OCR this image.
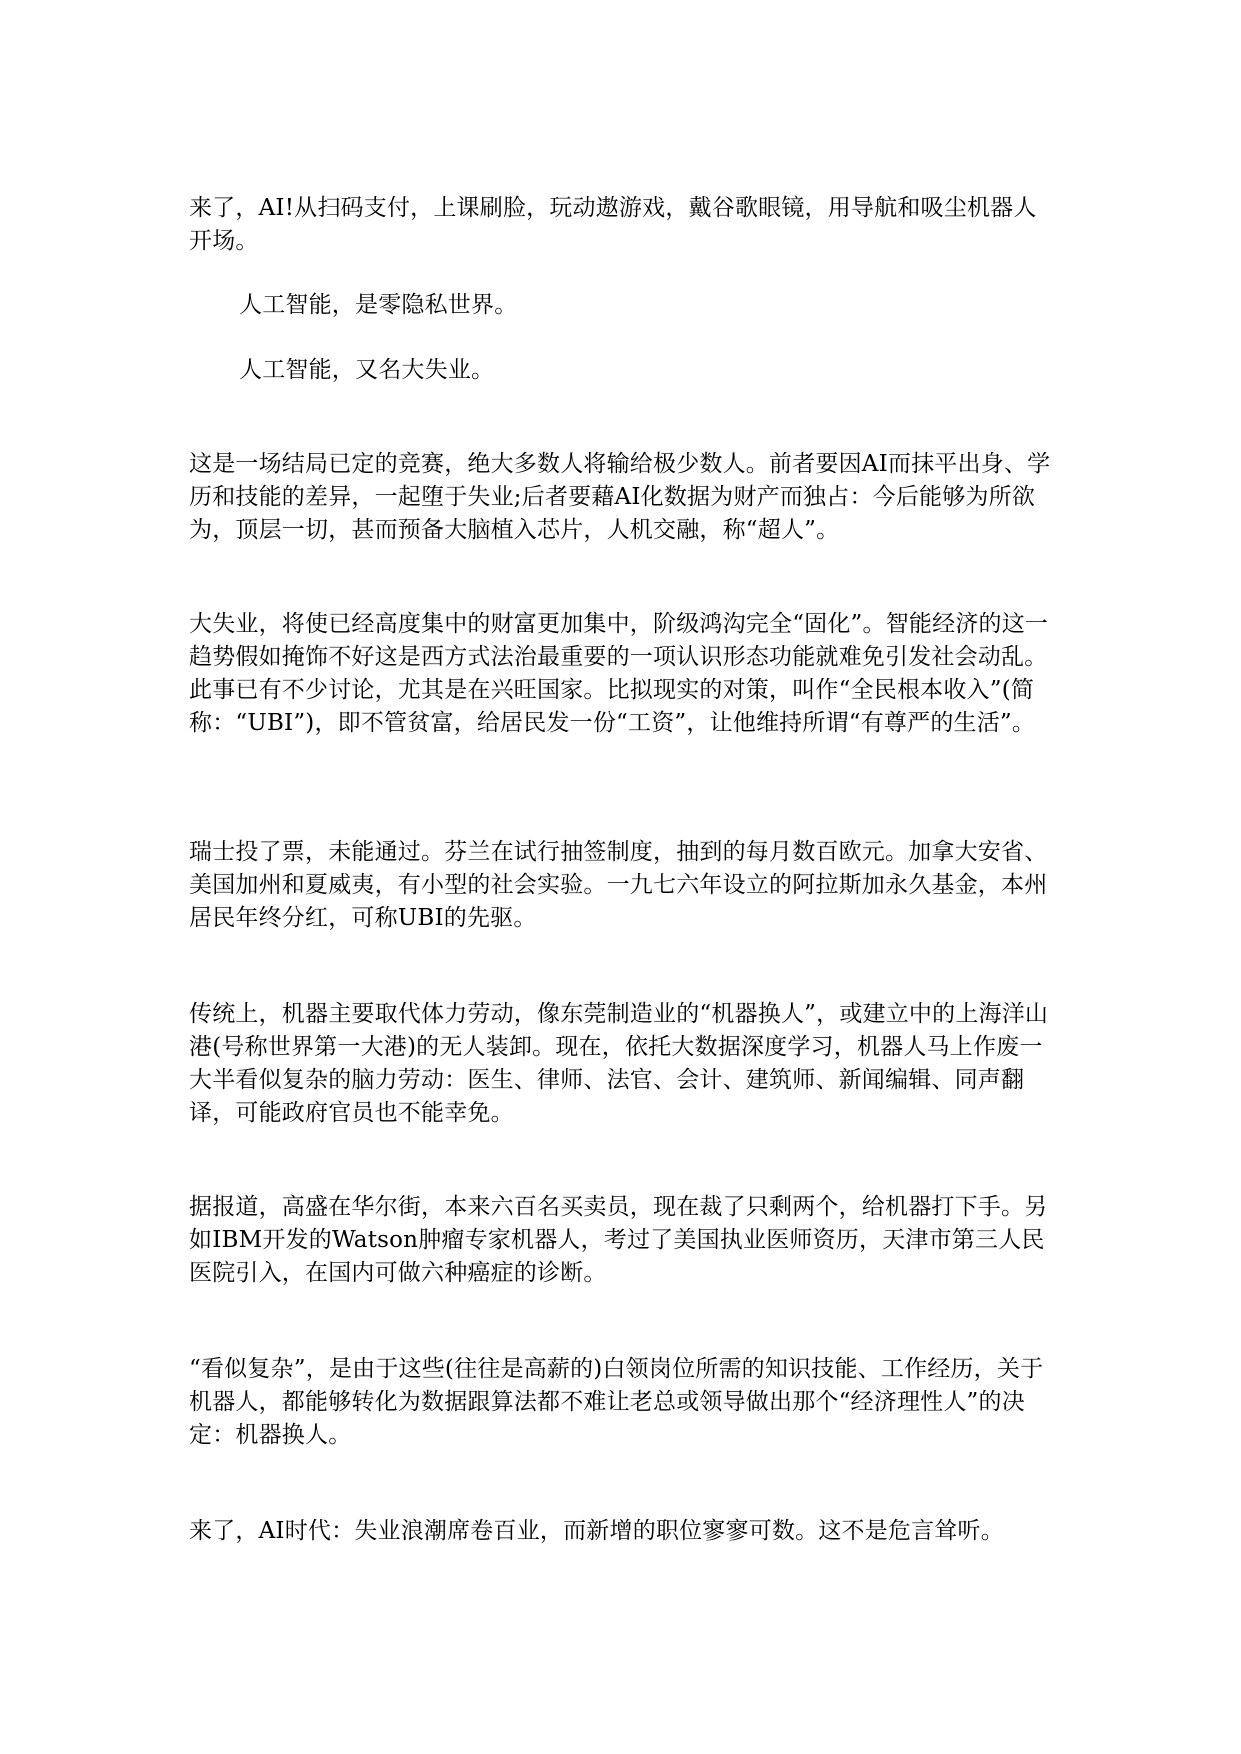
来了，AI!从扫码支付，上课刷脸，玩动遨游戏，戴谷歌眼镜，用导航和吸尘机器人开场。

人工智能，是零隐私世界。

人工智能，又名大失业。

这是一场结局已定的竞赛，绝大多数人将输给极少数人。前者要因AI而抹平出身、学历和技能的差异，一起堕于失业;后者要藉AI化数据为财产而独占：今后能够为所欲为，顶层一切，甚而预备大脑植入芯片，人机交融，称“超人”。

大失业，将使已经高度集中的财富更加集中，阶级鸿沟完全“固化”。智能经济的这一趋势假如掩饰不好这是西方式法治最重要的一项认识形态功能就难免引发社会动乱。此事已有不少讨论，尤其是在兴旺国家。比拟现实的对策，叫作“全民根本收入”(简称：“UBI”)，即不管贫富，给居民发一份“工资”，让他维持所谓“有尊严的生活”。

瑞士投了票，未能通过。芬兰在试行抽签制度，抽到的每月数百欧元。加拿大安省、美国加州和夏威夷，有小型的社会实验。一九七六年设立的阿拉斯加永久基金，本州居民年终分红，可称UBI的先驱。

传统上，机器主要取代体力劳动，像东莞制造业的“机器换人”，或建立中的上海洋山港(号称世界第一大港)的无人装卸。现在，依托大数据深度学习，机器人马上作废一大半看似复杂的脑力劳动：医生、律师、法官、会计、建筑师、新闻编辑、同声翻译，可能政府官员也不能幸免。

据报道，高盛在华尔街，本来六百名买卖员，现在裁了只剩两个，给机器打下手。另如IBM开发的Watson肿瘤专家机器人，考过了美国执业医师资历，天津市第三人民医院引入，在国内可做六种癌症的诊断。

“看似复杂”，是由于这些(往往是高薪的)白领岗位所需的知识技能、工作经历，关于机器人，都能够转化为数据跟算法都不难让老总或领导做出那个“经济理性人”的决定：机器换人。

来了，AI时代：失业浪潮席卷百业，而新增的职位寥寥可数。这不是危言耸听。
